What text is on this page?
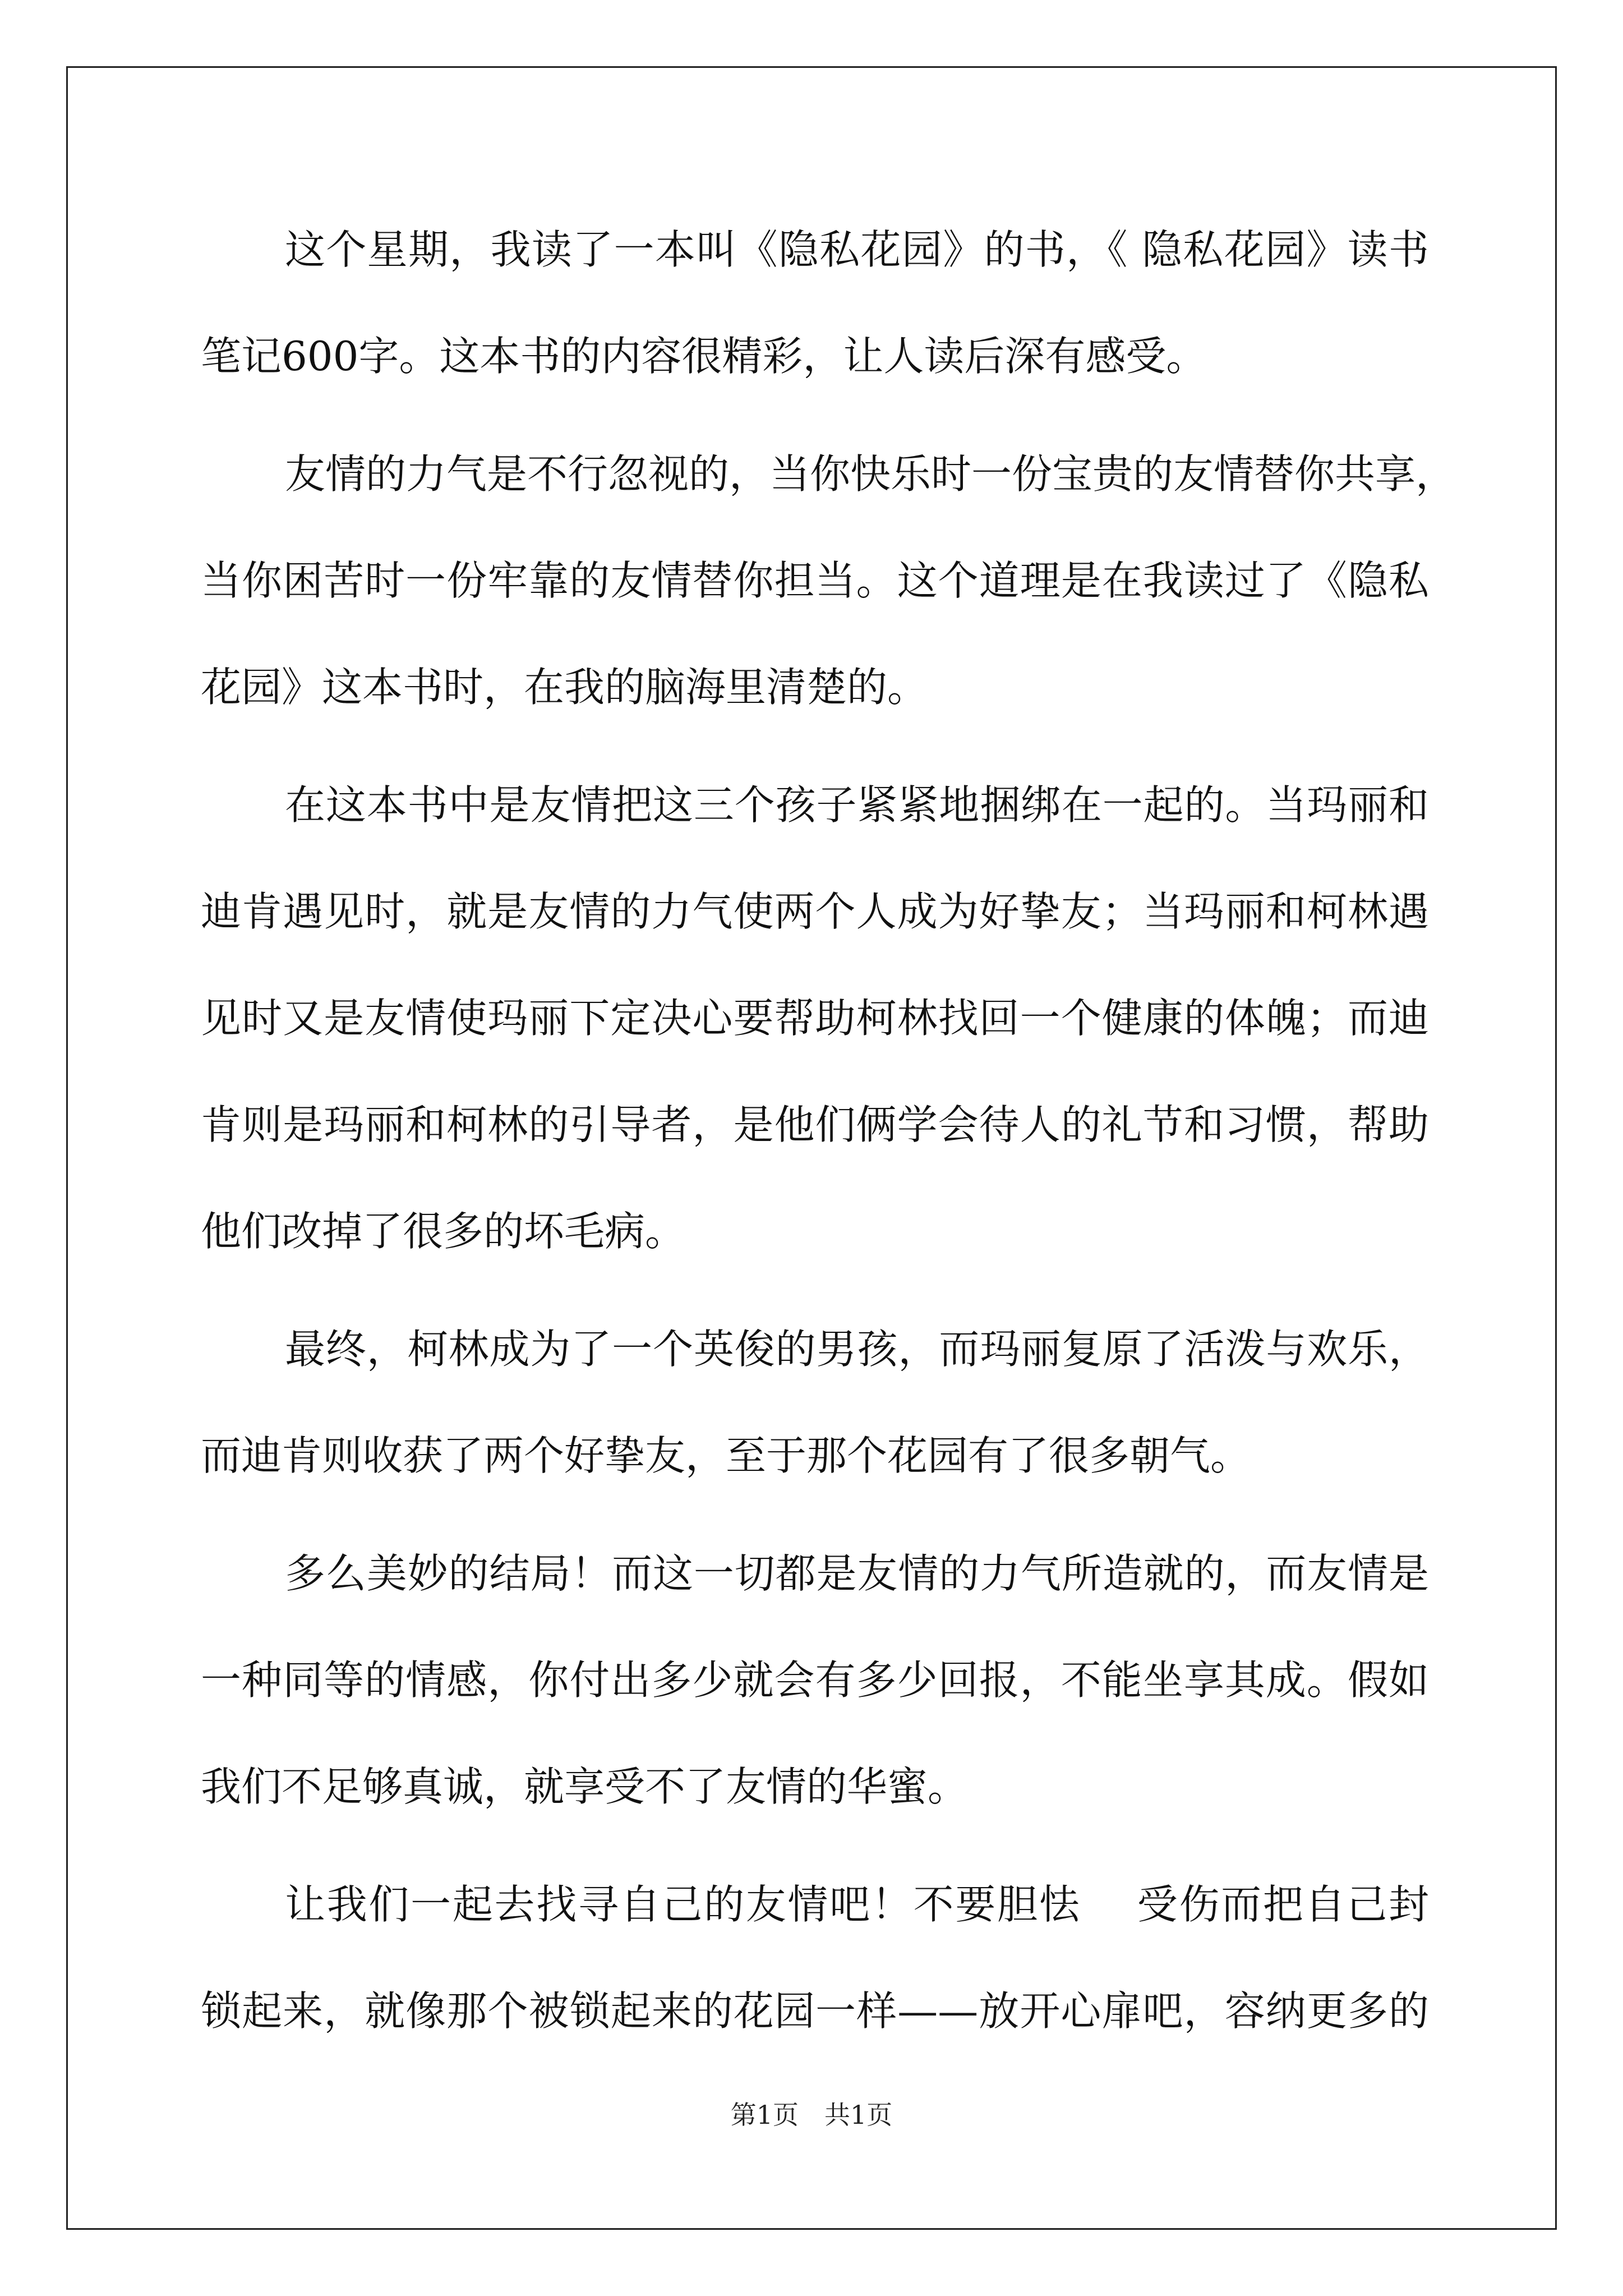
这个星期，我读了一本叫《隐私花园》的书，《 隐私花园》读书
笔记600字。这本书的内容很精彩，让人读后深有感受。
友情的力气是不行忽视的，当你快乐时一份宝贵的友情替你共享，
当你困苦时一份牢靠的友情替你担当。这个道理是在我读过了《隐私
花园》这本书时，在我的脑海里清楚的。
在这本书中是友情把这三个孩子紧紧地捆绑在一起的。当玛丽和
迪肯遇见时，就是友情的力气使两个人成为好挚友；当玛丽和柯林遇
见时又是友情使玛丽下定决心要帮助柯林找回一个健康的体魄；而迪
肯则是玛丽和柯林的引导者，是他们俩学会待人的礼节和习惯，帮助
他们改掉了很多的坏毛病。
最终，柯林成为了一个英俊的男孩，而玛丽复原了活泼与欢乐，
而迪肯则收获了两个好挚友，至于那个花园有了很多朝气。
多么美妙的结局！而这一切都是友情的力气所造就的，而友情是
一种同等的情感，你付出多少就会有多少回报，不能坐享其成。假如
我们不足够真诚，就享受不了友情的华蜜。
让我们一起去找寻自己的友情吧！不要胆怯　 受伤而把自己封
锁起来，就像那个被锁起来的花园一样——放开心扉吧，容纳更多的
第1页　共1页
